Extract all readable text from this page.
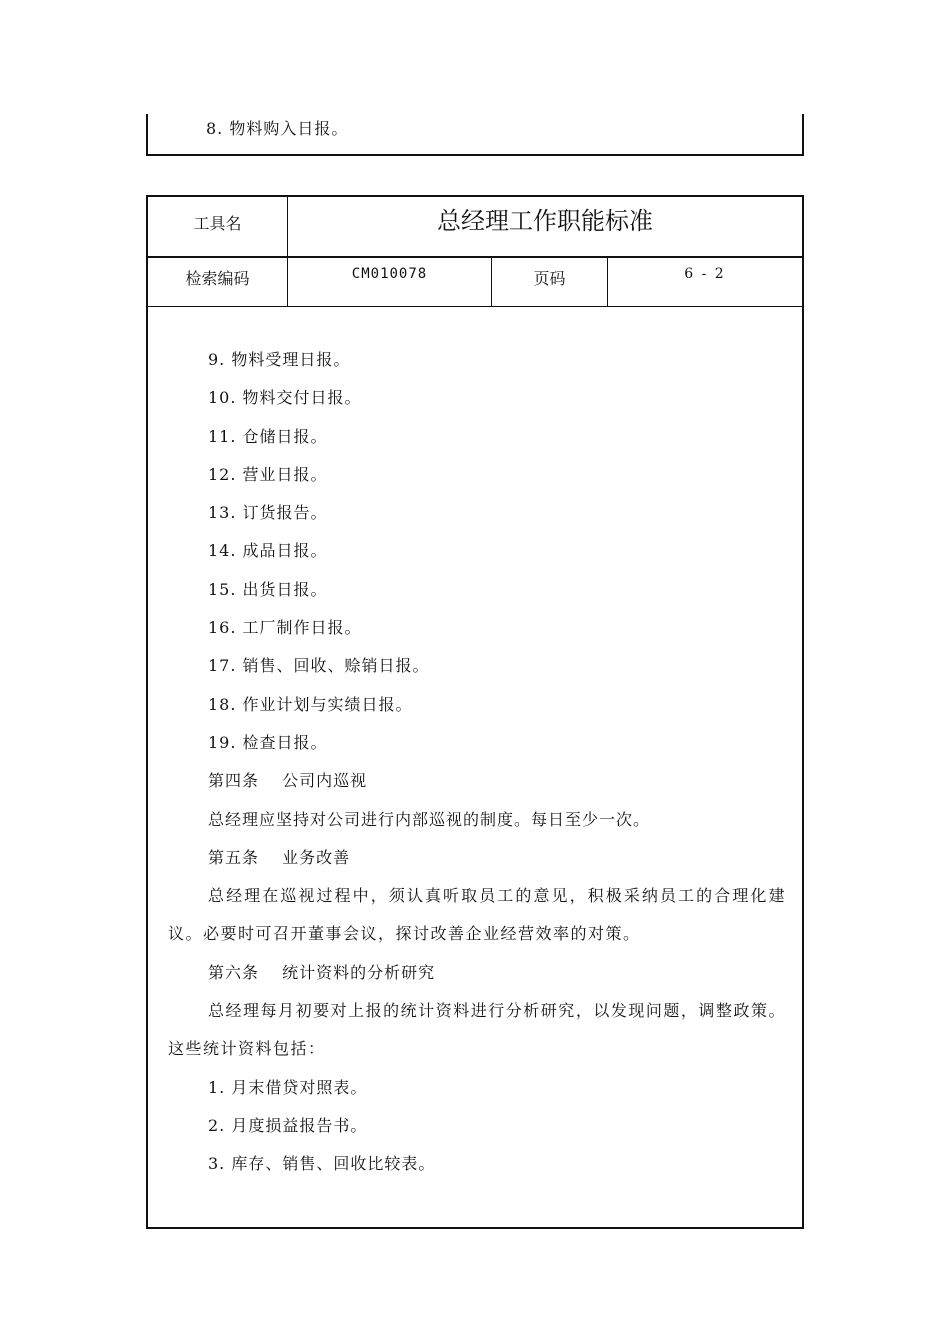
8. 物料购入日报。
工具名	总经理工作职能标准
检索编码	CM010078	页码	6 - 2
9. 物料受理日报。
10. 物料交付日报。
11. 仓储日报。
12. 营业日报。
13. 订货报告。
14. 成品日报。
15. 出货日报。
16. 工厂制作日报。
17. 销售、回收、赊销日报。
18. 作业计划与实绩日报。
19. 检查日报。
第四条　 公司内巡视
总经理应坚持对公司进行内部巡视的制度。每日至少一次。
第五条　 业务改善
总经理在巡视过程中，须认真听取员工的意见，积极采纳员工的合理化建议。必要时可召开董事会议，探讨改善企业经营效率的对策。
第六条　 统计资料的分析研究
总经理每月初要对上报的统计资料进行分析研究，以发现问题，调整政策。这些统计资料包括：
1. 月末借贷对照表。
2. 月度损益报告书。
3. 库存、销售、回收比较表。
